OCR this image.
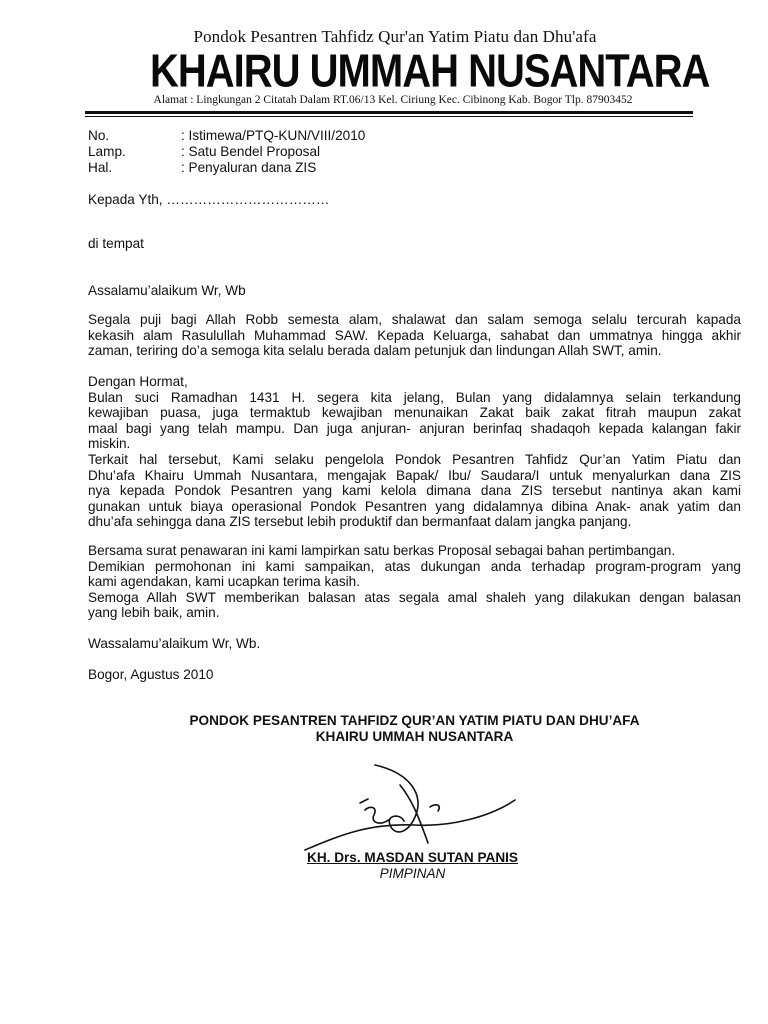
Pondok Pesantren Tahfidz Qur'an Yatim Piatu dan Dhu'afa
KHAIRU UMMAH NUSANTARA
Alamat : Lingkungan 2 Citatah Dalam RT.06/13 Kel. Ciriung Kec. Cibinong Kab. Bogor Tlp. 87903452
No.	: Istimewa/PTQ-KUN/VIII/2010
Lamp.	: Satu Bendel Proposal
Hal.	: Penyaluran dana ZIS
Kepada Yth, ………………………………
di tempat
Assalamu’alaikum Wr, Wb
Segala puji bagi Allah Robb semesta alam, shalawat dan salam semoga selalu tercurah kapada
kekasih alam Rasulullah Muhammad SAW. Kepada Keluarga, sahabat dan ummatnya hingga akhir
zaman, teriring do’a semoga kita selalu berada dalam petunjuk dan lindungan Allah SWT, amin.
Dengan Hormat,
Bulan suci Ramadhan 1431 H. segera kita jelang, Bulan yang didalamnya selain terkandung
kewajiban puasa, juga termaktub kewajiban menunaikan Zakat baik zakat fitrah maupun zakat
maal bagi yang telah mampu. Dan juga anjuran- anjuran berinfaq shadaqoh kepada kalangan fakir
miskin.
Terkait hal tersebut, Kami selaku pengelola Pondok Pesantren Tahfidz Qur’an Yatim Piatu dan
Dhu’afa Khairu Ummah Nusantara, mengajak Bapak/ Ibu/ Saudara/I untuk menyalurkan dana ZIS
nya kepada Pondok Pesantren yang kami kelola dimana dana ZIS tersebut nantinya akan kami
gunakan untuk biaya operasional Pondok Pesantren yang didalamnya dibina Anak- anak yatim dan
dhu’afa sehingga dana ZIS tersebut lebih produktif dan bermanfaat dalam jangka panjang.
Bersama surat penawaran ini kami lampirkan satu berkas Proposal sebagai bahan pertimbangan.
Demikian permohonan ini kami sampaikan, atas dukungan anda terhadap program-program yang
kami agendakan, kami ucapkan terima kasih.
Semoga Allah SWT memberikan balasan atas segala amal shaleh yang dilakukan dengan balasan
yang lebih baik, amin.
Wassalamu’alaikum Wr, Wb.
Bogor, Agustus 2010
PONDOK PESANTREN TAHFIDZ QUR’AN YATIM PIATU DAN DHU’AFA
KHAIRU UMMAH NUSANTARA
KH. Drs. MASDAN SUTAN PANIS
PIMPINAN
